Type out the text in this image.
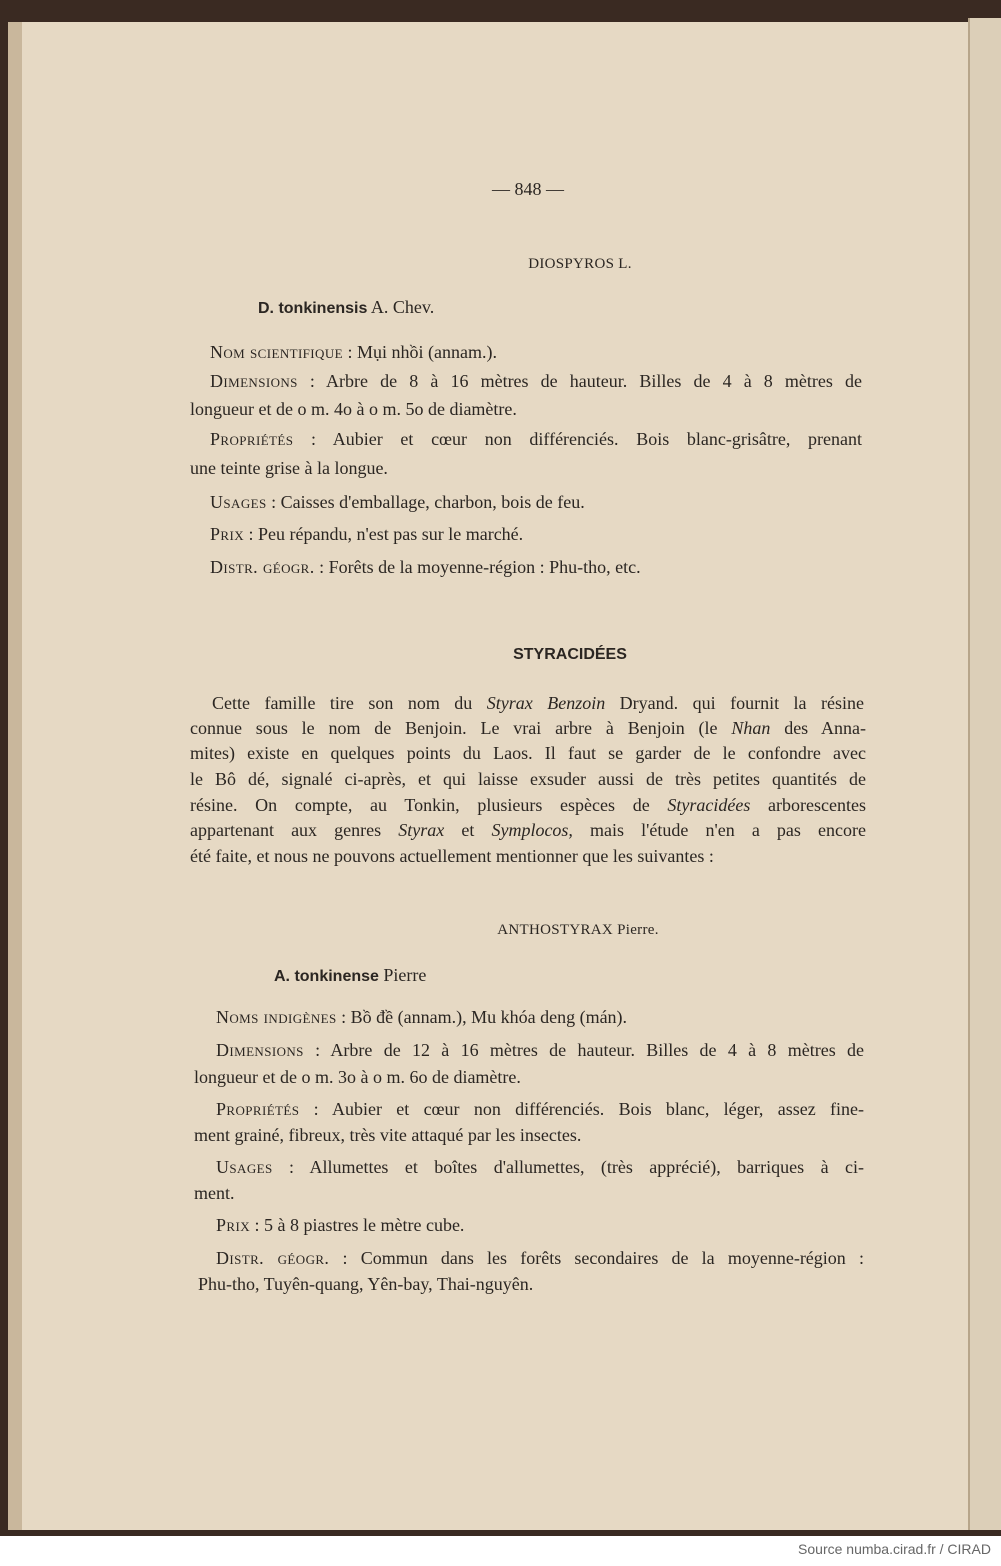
— 848 —
DIOSPYROS L.
D. tonkinensis A. Chev.
Nom scientifique : Mụi nhồi (annam.).
Dimensions : Arbre de 8 à 16 mètres de hauteur. Billes de 4 à 8 mètres de
longueur et de o m. 4o à o m. 5o de diamètre.
Propriétés : Aubier et cœur non différenciés. Bois blanc-grisâtre, prenant
une teinte grise à la longue.
Usages : Caisses d'emballage, charbon, bois de feu.
Prix : Peu répandu, n'est pas sur le marché.
Distr. géogr. : Forêts de la moyenne-région : Phu-tho, etc.
STYRACIDÉES
Cette famille tire son nom du Styrax Benzoin Dryand. qui fournit la résine
connue sous le nom de Benjoin. Le vrai arbre à Benjoin (le Nhan des Anna-
mites) existe en quelques points du Laos. Il faut se garder de le confondre avec
le Bô dé, signalé ci-après, et qui laisse exsuder aussi de très petites quantités de
résine. On compte, au Tonkin, plusieurs espèces de Styracidées arborescentes
appartenant aux genres Styrax et Symplocos, mais l'étude n'en a pas encore
été faite, et nous ne pouvons actuellement mentionner que les suivantes :
ANTHOSTYRAX Pierre.
A. tonkinense Pierre
Noms indigènes : Bồ đề (annam.), Mu khóa deng (mán).
Dimensions : Arbre de 12 à 16 mètres de hauteur. Billes de 4 à 8 mètres de
longueur et de o m. 3o à o m. 6o de diamètre.
Propriétés : Aubier et cœur non différenciés. Bois blanc, léger, assez fine-
ment grainé, fibreux, très vite attaqué par les insectes.
Usages : Allumettes et boîtes d'allumettes, (très apprécié), barriques à ci-
ment.
Prix : 5 à 8 piastres le mètre cube.
Distr. géogr. : Commun dans les forêts secondaires de la moyenne-région :
Phu-tho, Tuyên-quang, Yên-bay, Thai-nguyên.
Source numba.cirad.fr / CIRAD
